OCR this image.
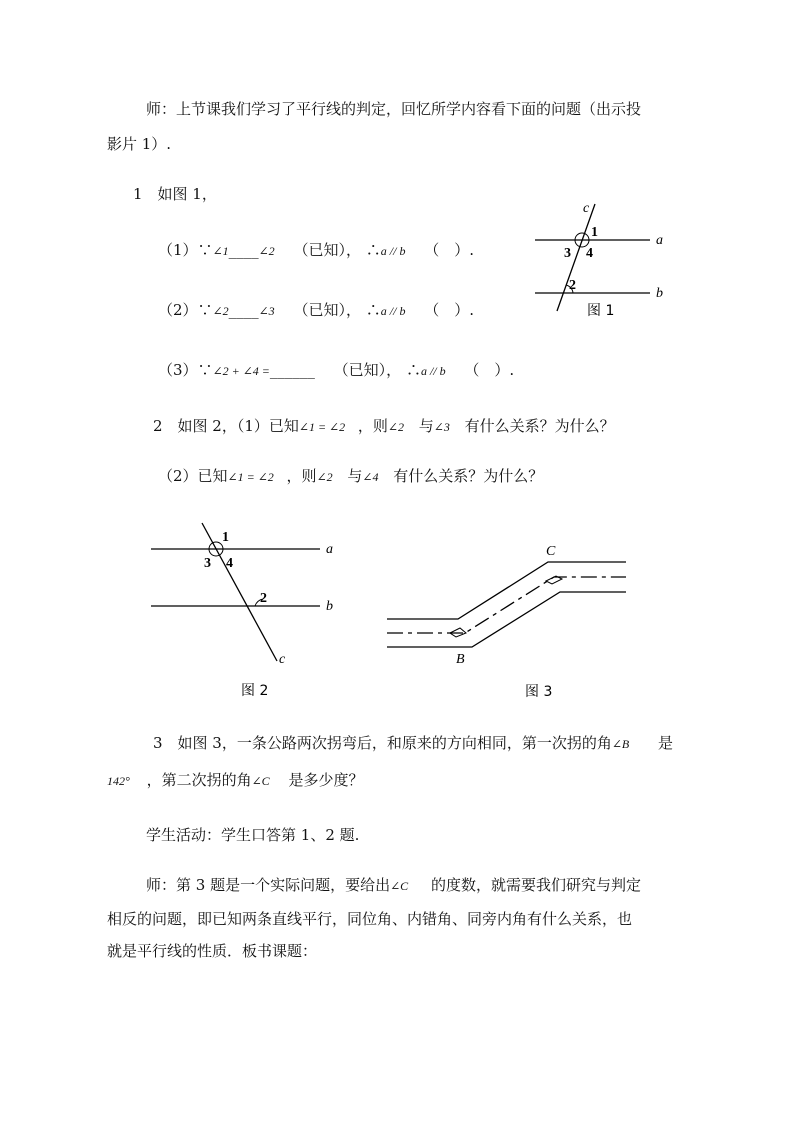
师：上节课我们学习了平行线的判定，回忆所学内容看下面的问题（出示投
影片 1）.
1　如图 1，
（1）∵∠1____∠2 （已知）， ∴a // b （　）.
（2）∵∠2____∠3 （已知）， ∴a // b （　）.
（3）∵∠2 + ∠4 =______ （已知）， ∴a // b （　）.
c
1
3 4
2
a
b
图 1
2　如图 2，（1）已知∠1 = ∠2 ，则∠2 与∠3 有什么关系？为什么？
（2）已知∠1 = ∠2 ，则∠2 与∠4 有什么关系？为什么？
1
3 4
2
a
b
c
图 2
C
B
图 3
3　如图 3，一条公路两次拐弯后，和原来的方向相同，第一次拐的角∠B 是
142° ，第二次拐的角∠C 是多少度？
学生活动：学生口答第 1、2 题.
师：第 3 题是一个实际问题，要给出∠C 的度数，就需要我们研究与判定
相反的问题，即已知两条直线平行，同位角、内错角、同旁内角有什么关系，也
就是平行线的性质．板书课题：
